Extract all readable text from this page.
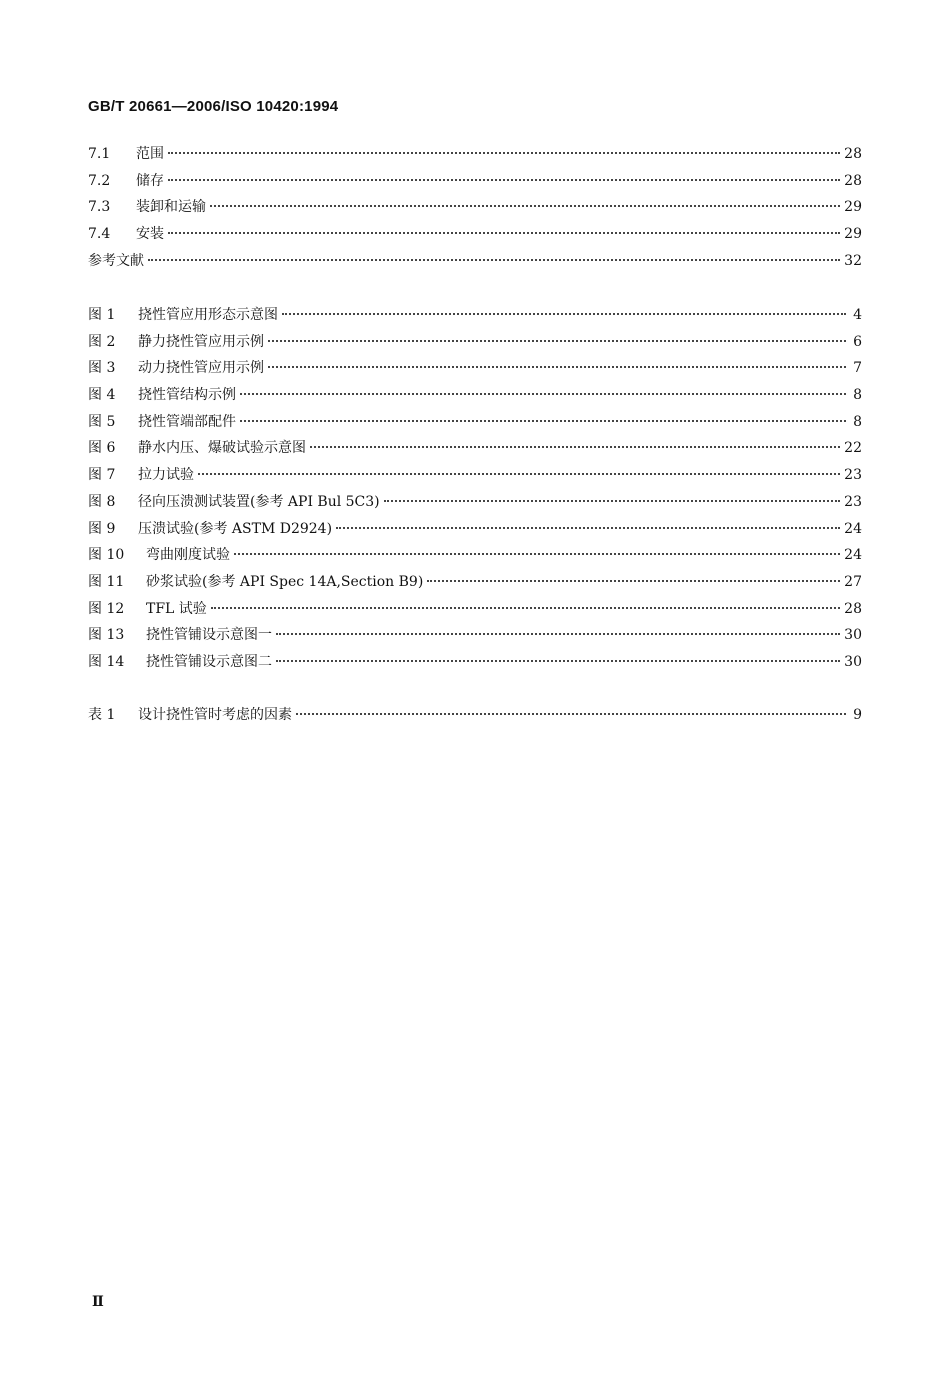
GB/T 20661—2006/ISO 10420:1994
7.1	范围	28
7.2	储存	28
7.3	装卸和运输	29
7.4	安装	29
参考文献	32
图 1	挠性管应用形态示意图	4
图 2	静力挠性管应用示例	6
图 3	动力挠性管应用示例	7
图 4	挠性管结构示例	8
图 5	挠性管端部配件	8
图 6	静水内压、爆破试验示意图	22
图 7	拉力试验	23
图 8	径向压溃测试装置(参考 API Bul 5C3)	23
图 9	压溃试验(参考 ASTM D2924)	24
图 10	弯曲刚度试验	24
图 11	砂浆试验(参考 API Spec 14A,Section B9)	27
图 12	TFL 试验	28
图 13	挠性管铺设示意图一	30
图 14	挠性管铺设示意图二	30
表 1	设计挠性管时考虑的因素	9
Ⅱ
